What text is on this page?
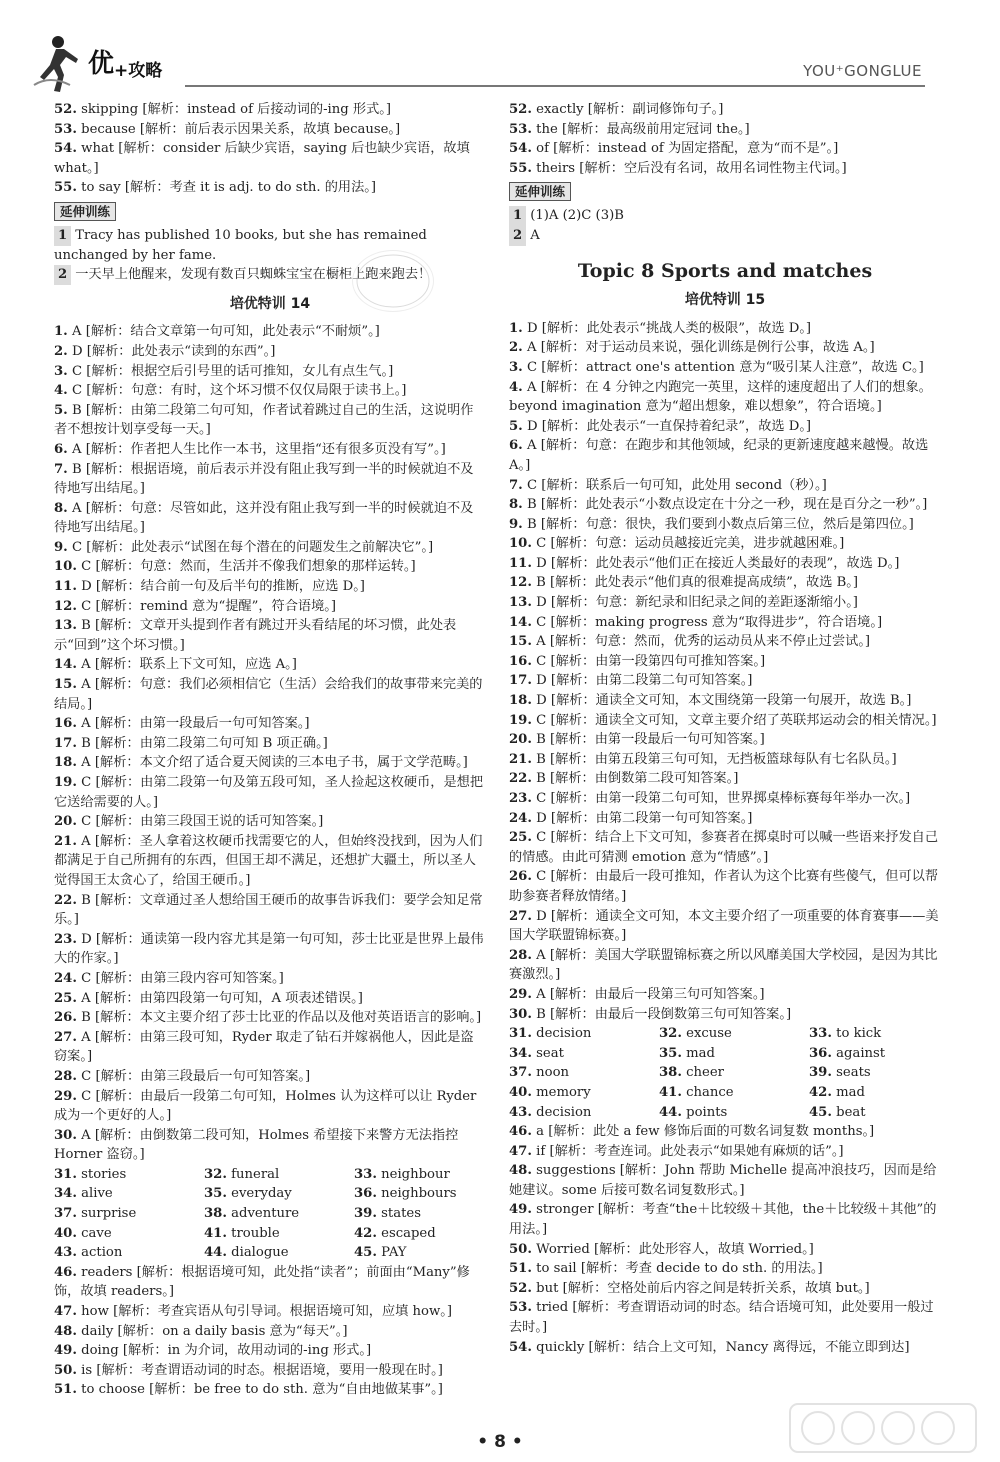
优+攻略	YOU⁺GONGLUE

52. skipping [解析：instead of 后接动词的-ing 形式。]

53. because [解析：前后表示因果关系，故填 because。]

54. what [解析：consider 后缺少宾语，saying 后也缺少宾语，故填 what。]

55. to say [解析：考查 it is adj. to do sth. 的用法。]

延伸训练

1 Tracy has published 10 books, but she has remained unchanged by her fame.

2 一天早上他醒来，发现有数百只蜘蛛宝宝在橱柜上跑来跑去！

培优特训 14

1. A [解析：结合文章第一句可知，此处表示“不耐烦”。]

2. D [解析：此处表示“读到的东西”。]

3. C [解析：根据空后引号里的话可推知，女儿有点生气。]

4. C [解析：句意：有时，这个坏习惯不仅仅局限于读书上。]

5. B [解析：由第二段第二句可知，作者试着跳过自己的生活，这说明作者不想按计划享受每一天。]

6. A [解析：作者把人生比作一本书，这里指“还有很多页没有写”。]

7. B [解析：根据语境，前后表示并没有阻止我写到一半的时候就迫不及待地写出结尾。]

8. A [解析：句意：尽管如此，这并没有阻止我写到一半的时候就迫不及待地写出结尾。]

9. C [解析：此处表示“试图在每个潜在的问题发生之前解决它”。]

10. C [解析：句意：然而，生活并不像我们想象的那样运转。]

11. D [解析：结合前一句及后半句的推断，应选 D。]

12. C [解析：remind 意为“提醒”，符合语境。]

13. B [解析：文章开头提到作者有跳过开头看结尾的坏习惯，此处表示“回到”这个坏习惯。]

14. A [解析：联系上下文可知，应选 A。]

15. A [解析：句意：我们必须相信它（生活）会给我们的故事带来完美的结局。]

16. A [解析：由第一段最后一句可知答案。]

17. B [解析：由第二段第二句可知 B 项正确。]

18. A [解析：本文介绍了适合夏天阅读的三本电子书，属于文学范畴。]

19. C [解析：由第二段第一句及第五段可知，圣人捡起这枚硬币，是想把它送给需要的人。]

20. C [解析：由第三段国王说的话可知答案。]

21. A [解析：圣人拿着这枚硬币找需要它的人，但始终没找到，因为人们都满足于自己所拥有的东西，但国王却不满足，还想扩大疆土，所以圣人觉得国王太贪心了，给国王硬币。]

22. B [解析：文章通过圣人想给国王硬币的故事告诉我们：要学会知足常乐。]

23. D [解析：通读第一段内容尤其是第一句可知，莎士比亚是世界上最伟大的作家。]

24. C [解析：由第三段内容可知答案。]

25. A [解析：由第四段第一句可知，A 项表述错误。]

26. B [解析：本文主要介绍了莎士比亚的作品以及他对英语语言的影响。]

27. A [解析：由第三段可知，Ryder 取走了钻石并嫁祸他人，因此是盗窃案。]

28. C [解析：由第三段最后一句可知答案。]

29. C [解析：由最后一段第二句可知，Holmes 认为这样可以让 Ryder 成为一个更好的人。]

30. A [解析：由倒数第二段可知，Holmes 希望接下来警方无法指控 Horner 盗窃。]

31. stories	32. funeral	33. neighbour
34. alive	35. everyday	36. neighbours
37. surprise	38. adventure	39. states
40. cave	41. trouble	42. escaped
43. action	44. dialogue	45. PAY

46. readers [解析：根据语境可知，此处指“读者”；前面由“Many”修饰，故填 readers。]

47. how [解析：考查宾语从句引导词。根据语境可知，应填 how。]

48. daily [解析：on a daily basis 意为“每天”。]

49. doing [解析：in 为介词，故用动词的-ing 形式。]

50. is [解析：考查谓语动词的时态。根据语境，要用一般现在时。]

51. to choose [解析：be free to do sth. 意为“自由地做某事”。]

52. exactly [解析：副词修饰句子。]

53. the [解析：最高级前用定冠词 the。]

54. of [解析：instead of 为固定搭配，意为“而不是”。]

55. theirs [解析：空后没有名词，故用名词性物主代词。]

延伸训练

1 (1)A (2)C (3)B

2 A

Topic 8 Sports and matches
培优特训 15

1. D [解析：此处表示“挑战人类的极限”，故选 D。]

2. A [解析：对于运动员来说，强化训练是例行公事，故选 A。]

3. C [解析：attract one's attention 意为“吸引某人注意”，故选 C。]

4. A [解析：在 4 分钟之内跑完一英里，这样的速度超出了人们的想象。beyond imagination 意为“超出想象，难以想象”，符合语境。]

5. D [解析：此处表示“一直保持着纪录”，故选 D。]

6. A [解析：句意：在跑步和其他领域，纪录的更新速度越来越慢。故选 A。]

7. C [解析：联系后一句可知，此处用 second（秒）。]

8. B [解析：此处表示“小数点设定在十分之一秒，现在是百分之一秒”。]

9. B [解析：句意：很快，我们要到小数点后第三位，然后是第四位。]

10. C [解析：句意：运动员越接近完美，进步就越困难。]

11. D [解析：此处表示“他们正在接近人类最好的表现”，故选 D。]

12. B [解析：此处表示“他们真的很难提高成绩”，故选 B。]

13. D [解析：句意：新纪录和旧纪录之间的差距逐渐缩小。]

14. C [解析：making progress 意为“取得进步”，符合语境。]

15. A [解析：句意：然而，优秀的运动员从来不停止过尝试。]

16. C [解析：由第一段第四句可推知答案。]

17. D [解析：由第二段第二句可知答案。]

18. D [解析：通读全文可知，本文围绕第一段第一句展开，故选 B。]

19. C [解析：通读全文可知，文章主要介绍了英联邦运动会的相关情况。]

20. B [解析：由第一段最后一句可知答案。]

21. B [解析：由第五段第三句可知，无挡板篮球每队有七名队员。]

22. B [解析：由倒数第二段可知答案。]

23. C [解析：由第一段第二句可知，世界掷桌棒标赛每年举办一次。]

24. D [解析：由第二段第一句可知答案。]

25. C [解析：结合上下文可知，参赛者在掷桌时可以喊一些语来抒发自己的情感。由此可猜测 emotion 意为“情感”。]

26. C [解析：由最后一段可推知，作者认为这个比赛有些傻气，但可以帮助参赛者释放情绪。]

27. D [解析：通读全文可知，本文主要介绍了一项重要的体育赛事——美国大学联盟锦标赛。]

28. A [解析：美国大学联盟锦标赛之所以风靡美国大学校园，是因为其比赛激烈。]

29. A [解析：由最后一段第三句可知答案。]

30. B [解析：由最后一段倒数第三句可知答案。]

31. decision	32. excuse	33. to kick
34. seat	35. mad	36. against
37. noon	38. cheer	39. seats
40. memory	41. chance	42. mad
43. decision	44. points	45. beat

46. a [解析：此处 a few 修饰后面的可数名词复数 months。]

47. if [解析：考查连词。此处表示“如果她有麻烦的话”。]

48. suggestions [解析：John 帮助 Michelle 提高冲浪技巧，因而是给她建议。some 后接可数名词复数形式。]

49. stronger [解析：考查“the＋比较级＋其他，the＋比较级＋其他”的用法。]

50. Worried [解析：此处形容人，故填 Worried。]

51. to sail [解析：考查 decide to do sth. 的用法。]

52. but [解析：空格处前后内容之间是转折关系，故填 but。]

53. tried [解析：考查谓语动词的时态。结合语境可知，此处要用一般过去时。]

54. quickly [解析：结合上文可知，Nancy 离得远，不能立即到达]

• 8 •
